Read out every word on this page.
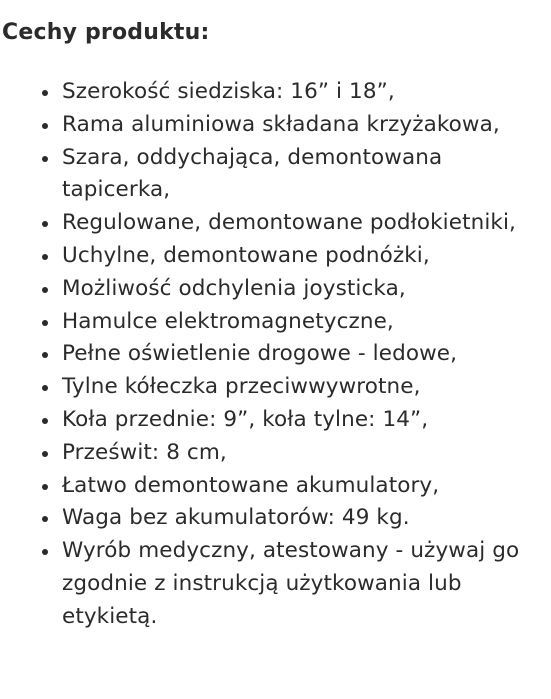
Cechy produktu:
Szerokość siedziska: 16” i 18”,
Rama aluminiowa składana krzyżakowa,
Szara, oddychająca, demontowana tapicerka,
Regulowane, demontowane podłokietniki,
Uchylne, demontowane podnóżki,
Możliwość odchylenia joysticka,
Hamulce elektromagnetyczne,
Pełne oświetlenie drogowe - ledowe,
Tylne kółeczka przeciwwywrotne,
Koła przednie: 9”, koła tylne: 14”,
Prześwit: 8 cm,
Łatwo demontowane akumulatory,
Waga bez akumulatorów: 49 kg.
Wyrób medyczny, atestowany - używaj go zgodnie z instrukcją użytkowania lub etykietą.
